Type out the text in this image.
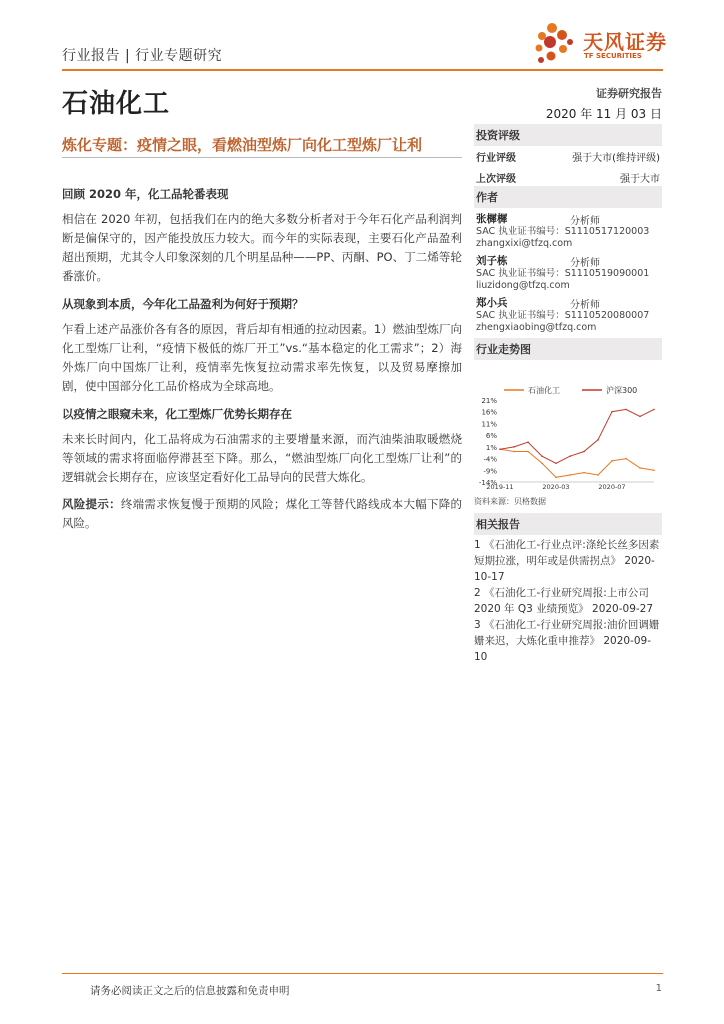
行业报告 | 行业专题研究
天风证券
TF SECURITIES
石油化工	证券研究报告
2020 年 11 月 03 日
炼化专题：疫情之眼，看燃油型炼厂向化工型炼厂让利
投资评级
行业评级	强于大市(维持评级)
上次评级	强于大市
作者
张樨樨	分析师
SAC 执业证书编号：S1110517120003
zhangxixi@tfzq.com
刘子栋	分析师
SAC 执业证书编号：S1110519090001
liuzidong@tfzq.com
郑小兵	分析师
SAC 执业证书编号：S1110520080007
zhengxiaobing@tfzq.com
行业走势图
石油化工	沪深300
21%
16%
11%
6%
1%
-4%
-9%
-14%
2019-11	2020-03	2020-07
资料来源：贝格数据
相关报告
1 《石油化工-行业点评:涤纶长丝多因素短期拉涨，明年或是供需拐点》 2020-10-17
2 《石油化工-行业研究周报:上市公司2020 年 Q3 业绩预览》 2020-09-27
3 《石油化工-行业研究周报:油价回调姗姗来迟，大炼化重申推荐》 2020-09-10
回顾 2020 年，化工品轮番表现
相信在 2020 年初，包括我们在内的绝大多数分析者对于今年石化产品利润判断是偏保守的，因产能投放压力较大。而今年的实际表现，主要石化产品盈利超出预期，尤其令人印象深刻的几个明星品种——PP、丙酮、PO、丁二烯等轮番涨价。
从现象到本质，今年化工品盈利为何好于预期？
乍看上述产品涨价各有各的原因，背后却有相通的拉动因素。1）燃油型炼厂向化工型炼厂让利，“疫情下极低的炼厂开工”vs.“基本稳定的化工需求”；2）海外炼厂向中国炼厂让利，疫情率先恢复拉动需求率先恢复，以及贸易摩擦加剧，使中国部分化工品价格成为全球高地。
以疫情之眼窥未来，化工型炼厂优势长期存在
未来长时间内，化工品将成为石油需求的主要增量来源，而汽油柴油取暖燃烧等领域的需求将面临停滞甚至下降。那么，“燃油型炼厂向化工型炼厂让利”的逻辑就会长期存在，应该坚定看好化工品导向的民营大炼化。
风险提示：终端需求恢复慢于预期的风险；煤化工等替代路线成本大幅下降的风险。
请务必阅读正文之后的信息披露和免责申明	1
